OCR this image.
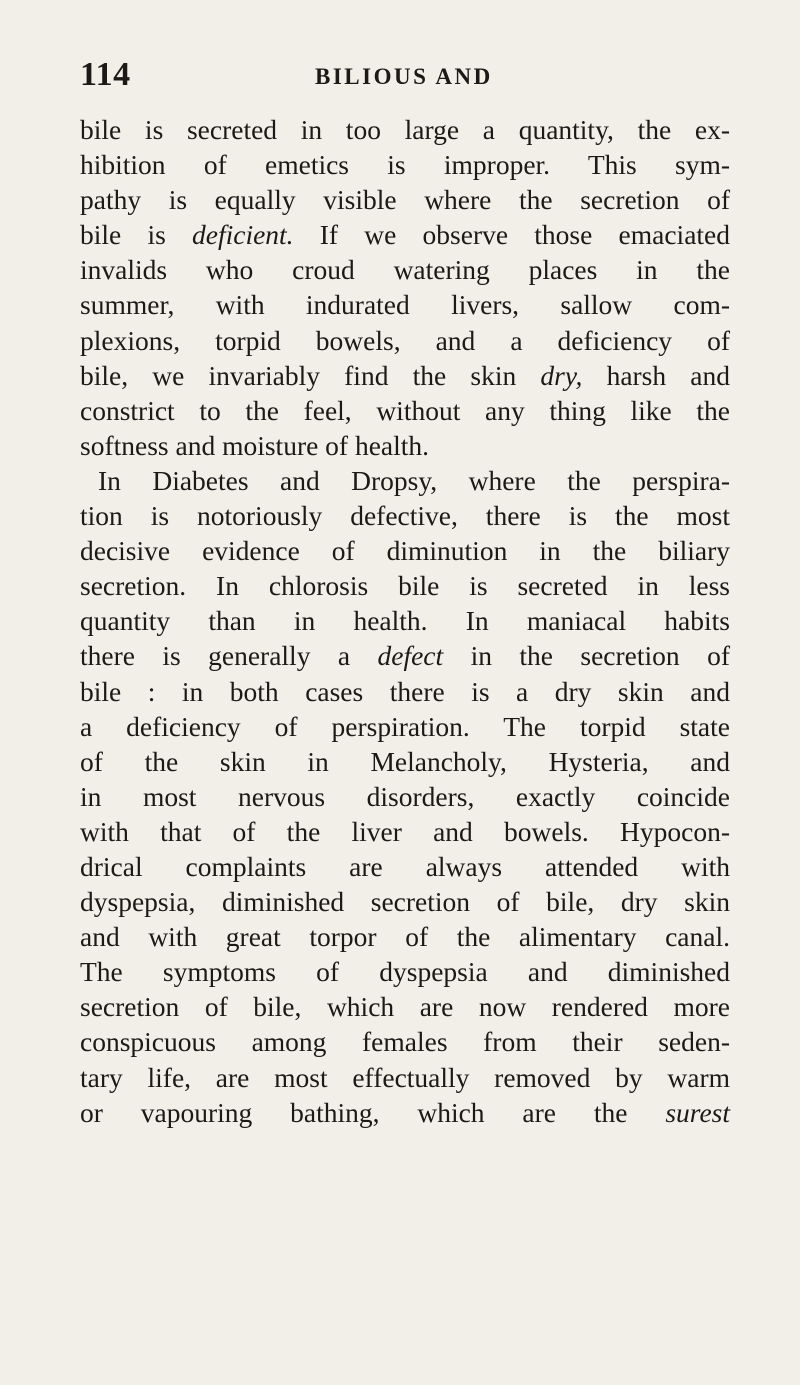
114	BILIOUS AND
bile is secreted in too large a quantity, the ex-
hibition of emetics is improper. This sym-
pathy is equally visible where the secretion of
bile is deficient. If we observe those emaciated
invalids who croud watering places in the
summer, with indurated livers, sallow com-
plexions, torpid bowels, and a deficiency of
bile, we invariably find the skin dry, harsh and
constrict to the feel, without any thing like the
softness and moisture of health.
In Diabetes and Dropsy, where the perspira-
tion is notoriously defective, there is the most
decisive evidence of diminution in the biliary
secretion. In chlorosis bile is secreted in less
quantity than in health. In maniacal habits
there is generally a defect in the secretion of
bile : in both cases there is a dry skin and
a deficiency of perspiration. The torpid state
of the skin in Melancholy, Hysteria, and
in most nervous disorders, exactly coincide
with that of the liver and bowels. Hypocon-
drical complaints are always attended with
dyspepsia, diminished secretion of bile, dry skin
and with great torpor of the alimentary canal.
The symptoms of dyspepsia and diminished
secretion of bile, which are now rendered more
conspicuous among females from their seden-
tary life, are most effectually removed by warm
or vapouring bathing, which are the surest
